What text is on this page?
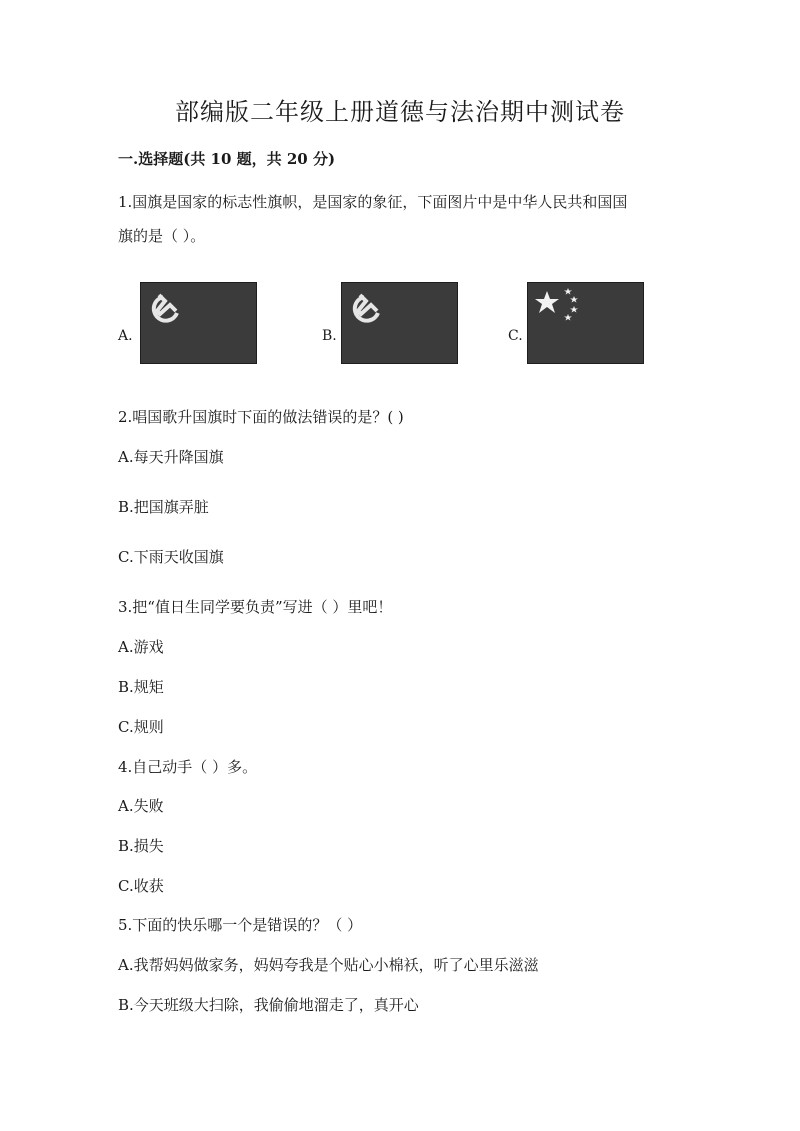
部编版二年级上册道德与法治期中测试卷

一.选择题(共 10 题，共 20 分)

1.国旗是国家的标志性旗帜，是国家的象征，下面图片中是中华人民共和国国

旗的是（ ）。

A.	B.	C.

2.唱国歌升国旗时下面的做法错误的是？( )

A.每天升降国旗

B.把国旗弄脏

C.下雨天收国旗

3.把“值日生同学要负责”写进（ ）里吧！

A.游戏

B.规矩

C.规则

4.自己动手（ ）多。

A.失败

B.损失

C.收获

5.下面的快乐哪一个是错误的？（ ）

A.我帮妈妈做家务，妈妈夸我是个贴心小棉袄，听了心里乐滋滋

B.今天班级大扫除，我偷偷地溜走了，真开心
